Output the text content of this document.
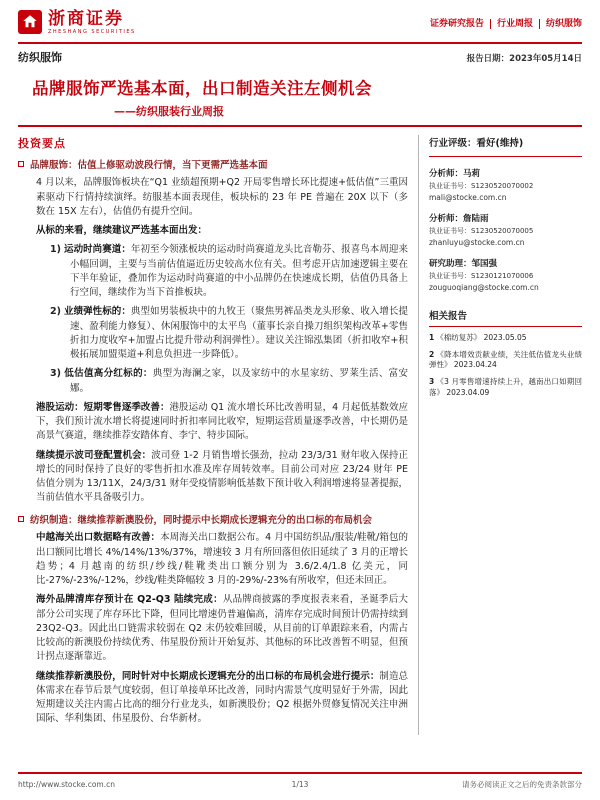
浙商证券
ZHESHANG SECURITIES
证券研究报告 行业周报 纺织服饰
纺织服饰	报告日期：2023年05月14日
品牌服饰严选基本面，出口制造关注左侧机会
——纺织服装行业周报
投资要点
品牌服饰：估值上修驱动波段行情，当下更需严选基本面

4 月以来，品牌服饰板块在“Q1 业绩超预期+Q2 开局零售增长环比提速+低估值”三重因素驱动下行情持续演绎。纺服基本面表现佳，板块标的 23 年 PE 普遍在 20X 以下（多数在 15X 左右），估值仍有提升空间。

从标的来看，继续建议严选基本面出发：

1) 运动时尚赛道：年初至今领涨板块的运动时尚赛道龙头比音勒芬、报喜鸟本周迎来小幅回调，主要与当前估值逼近历史较高水位有关。但考虑开店加速逻辑主要在下半年验证，叠加作为运动时尚赛道的中小品牌仍在快速成长期，估值仍具备上行空间，继续作为当下首推板块。

2) 业绩弹性标的：典型如男装板块中的九牧王（聚焦男裤品类龙头形象、收入增长提速、盈利能力修复）、休闲服饰中的太平鸟（董事长亲自操刀组织架构改革+零售折扣力度收窄+加盟占比提升带动利润弹性）。建议关注锦泓集团（折扣收窄+积极拓展加盟渠道+利息负担进一步降低）。

3) 低估值高分红标的：典型为海澜之家，以及家纺中的水星家纺、罗莱生活、富安娜。

港股运动：短期零售逐季改善：港股运动 Q1 流水增长环比改善明显，4 月起低基数效应下，我们预计流水增长将提速同时折扣率同比收窄，短期运营质量逐季改善，中长期仍是高景气赛道，继续推荐安踏体育、李宁、特步国际。

继续提示波司登配置机会：波司登 1-2 月销售增长强劲，拉动 23/3/31 财年收入保持正增长的同时保持了良好的零售折扣水准及库存周转效率。目前公司对应 23/24 财年 PE 估值分别为 13/11X，24/3/31 财年受疫情影响低基数下预计收入利润增速将显著提振，当前估值水平具备吸引力。

纺织制造：继续推荐新澳股份，同时提示中长期成长逻辑充分的出口标的布局机会

中越海关出口数据略有改善：本周海关出口数据公布。4 月中国纺织品/服装/鞋靴/箱包的出口额同比增长 4%/14%/13%/37%，增速较 3 月有所回落但依旧延续了 3 月的正增长趋势；4 月越南的纺织/纱线/鞋靴类出口额分别为 3.6/2.4/1.8 亿美元，同比-27%/-23%/-12%，纱线/鞋类降幅较 3 月的-29%/-23%有所收窄，但还未回正。

海外品牌清库存预计在 Q2-Q3 陆续完成：从品牌商披露的季度报表来看，圣诞季后大部分公司实现了库存环比下降，但同比增速仍普遍偏高，清库存完成时间预计仍需持续到 23Q2-Q3。因此出口链需求较弱在 Q2 末仍较难回暖，从目前的订单跟踪来看，内需占比较高的新澳股份持续优秀、伟星股份预计开始复苏、其他标的环比改善暂不明显，但预计拐点逐渐靠近。

继续推荐新澳股份，同时针对中长期成长逻辑充分的出口标的布局机会进行提示：制造总体需求在春节后景气度较弱，但订单接单环比改善，同时内需景气度明显好于外需，因此短期建议关注内需占比高的细分行业龙头，如新澳股份；Q2 根据外贸修复情况关注申洲国际、华利集团、伟星股份、台华新材。

行业评级：看好(维持)
分析师：马莉
执业证书号：S1230520070002
mali@stocke.com.cn
分析师：詹陆雨
执业证书号：S1230520070005
zhanluyu@stocke.com.cn
研究助理：邹国强
执业证书号：S1230121070006
zouguoqiang@stocke.com.cn
相关报告
1 《棉纺复苏》 2023.05.05
2 《降本增效贡献业绩，关注低估值龙头业绩弹性》 2023.04.24
3 《3 月零售增速持续上升，越南出口如期回落》 2023.04.09
http://www.stocke.com.cn	1/13	请务必阅读正文之后的免责条款部分
